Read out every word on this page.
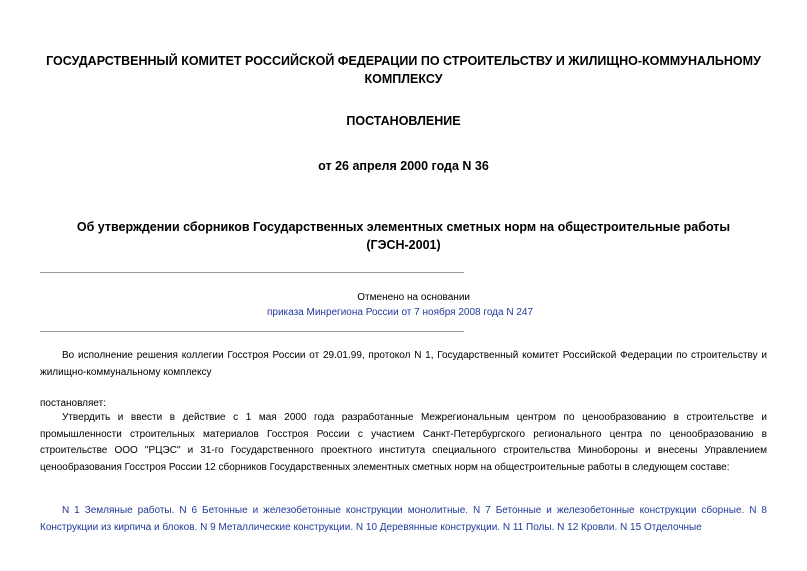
ГОСУДАРСТВЕННЫЙ КОМИТЕТ РОССИЙСКОЙ ФЕДЕРАЦИИ ПО СТРОИТЕЛЬСТВУ И ЖИЛИЩНО-КОММУНАЛЬНОМУ КОМПЛЕКСУ
ПОСТАНОВЛЕНИЕ
от 26 апреля 2000 года N 36
Об утверждении сборников Государственных элементных сметных норм на общестроительные работы (ГЭСН-2001)
Отменено на основании
приказа Минрегиона России от 7 ноября 2008 года N 247
Во исполнение решения коллегии Госстроя России от 29.01.99, протокол N 1, Государственный комитет Российской Федерации по строительству и жилищно-коммунальному комплексу
постановляет:
Утвердить и ввести в действие с 1 мая 2000 года разработанные Межрегиональным центром по ценообразованию в строительстве и промышленности строительных материалов Госстроя России с участием Санкт-Петербургского регионального центра по ценообразованию в строительстве ООО "РЦЭС" и 31-го Государственного проектного института специального строительства Минобороны и внесены Управлением ценообразования Госстроя России 12 сборников Государственных элементных сметных норм на общестроительные работы в следующем составе:
N 1 Земляные работы. N 6 Бетонные и железобетонные конструкции монолитные. N 7 Бетонные и железобетонные конструкции сборные. N 8 Конструкции из кирпича и блоков. N 9 Металлические конструкции. N 10 Деревянные конструкции. N 11 Полы. N 12 Кровли. N 15 Отделочные
